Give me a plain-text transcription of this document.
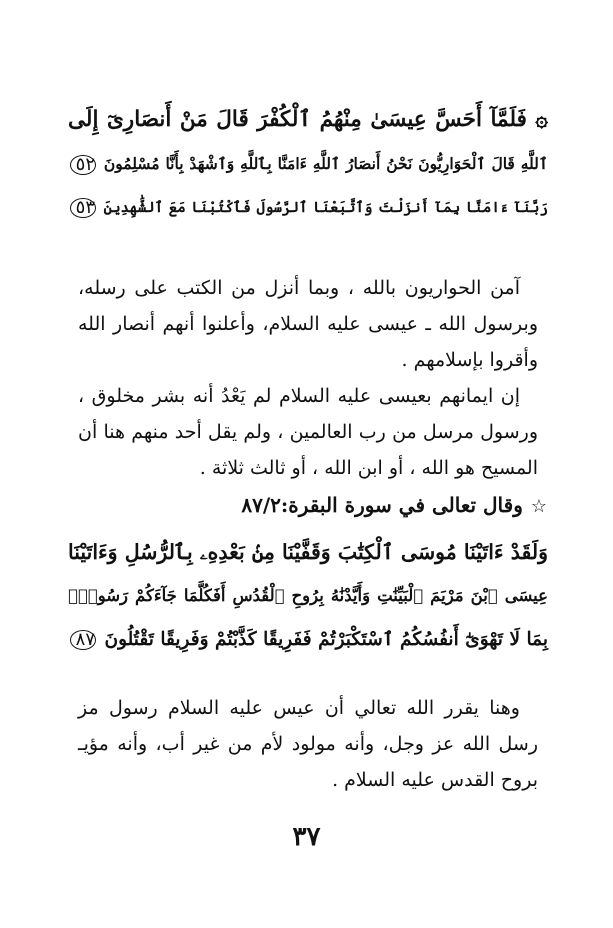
۞ فَلَمَّآ أَحَسَّ عِيسَىٰ مِنْهُمُ ٱلْكُفْرَ قَالَ مَنْ أَنصَارِىٓ إِلَى
ٱللَّهِ قَالَ ٱلْحَوَارِيُّونَ نَحْنُ أَنصَارُ ٱللَّهِ ءَامَنَّا بِٱللَّهِ وَٱشْهَدْ بِأَنَّا مُسْلِمُونَ ٥٢
رَبَّنَآ ءَامَنَّا بِمَآ أَنزَلْتَ وَٱتَّبَعْنَا ٱلرَّسُولَ فَٱكْتُبْنَا مَعَ ٱلشَّٰهِدِينَ ٥٣

آمن الحواريون بالله ، وبما أنزل من الكتب على رسله، وبرسول الله ـ عيسى عليه السلام، وأعلنوا أنهم أنصار الله وأقروا بإسلامهم .

إن ايمانهم بعيسى عليه السلام لم يَعْدُ أنه بشر مخلوق ، ورسول مرسل من رب العالمين ، ولم يقل أحد منهم هنا أن المسيح هو الله ، أو ابن الله ، أو ثالث ثلاثة .

☆وقال تعالى في سورة البقرة:٨٧/٢
وَلَقَدْ ءَاتَيْنَا مُوسَى ٱلْكِتَٰبَ وَقَفَّيْنَا مِنۢ بَعْدِهِۦ بِٱلرُّسُلِ وَءَاتَيْنَا
عِيسَى ٱبْنَ مَرْيَمَ ٱلْبَيِّنَٰتِ وَأَيَّدْنَٰهُ بِرُوحِ ٱلْقُدُسِ أَفَكُلَّمَا جَآءَكُمْ رَسُولٌۢ
بِمَا لَا تَهْوَىٰٓ أَنفُسُكُمُ ٱسْتَكْبَرْتُمْ فَفَرِيقًا كَذَّبْتُمْ وَفَرِيقًا تَقْتُلُونَ ٨٧

وهنا يقرر الله تعالي أن عيس عليه السلام رسول مز رسل الله عز وجل، وأنه مولود لأم من غير أب، وأنه مؤيـ بروح القدس عليه السلام .

٣٧
